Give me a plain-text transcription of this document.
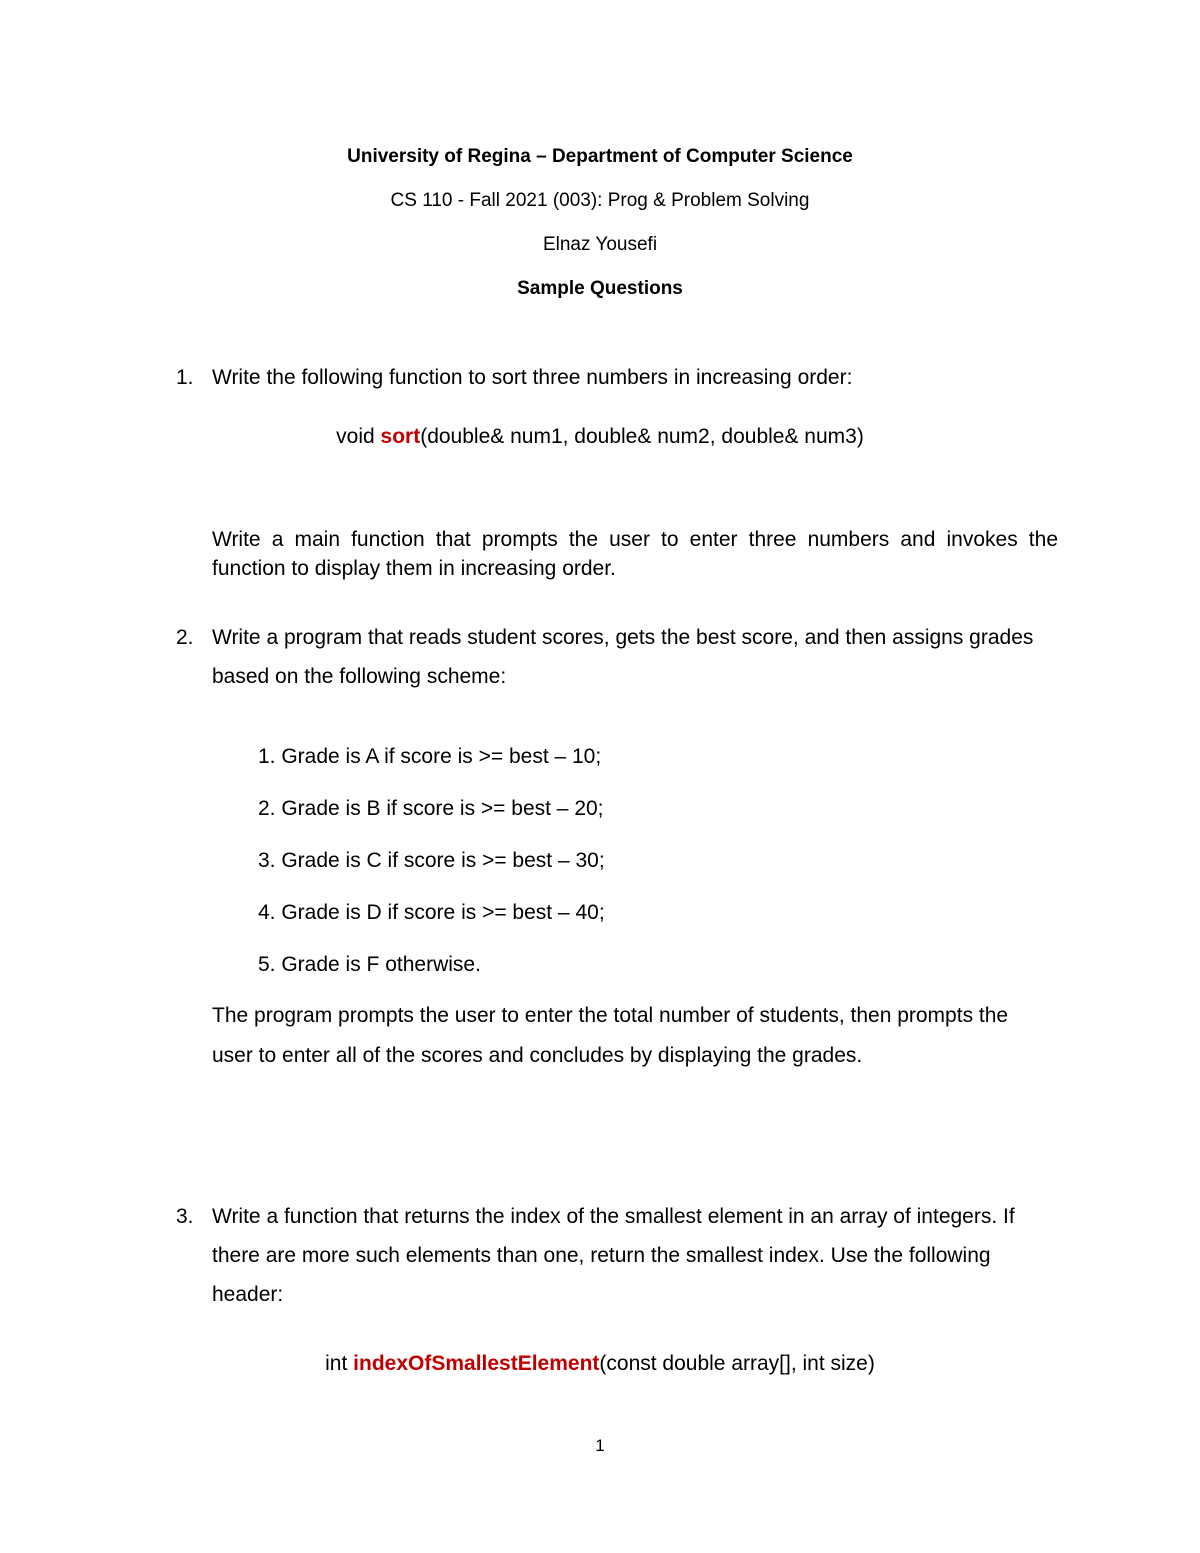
University of Regina – Department of Computer Science
CS 110 - Fall 2021 (003): Prog & Problem Solving
Elnaz Yousefi
Sample Questions
1. Write the following function to sort three numbers in increasing order:
void sort(double& num1, double& num2, double& num3)
Write a main function that prompts the user to enter three numbers and invokes the
function to display them in increasing order.
2. Write a program that reads student scores, gets the best score, and then assigns grades
based on the following scheme:
1. Grade is A if score is >= best – 10;
2. Grade is B if score is >= best – 20;
3. Grade is C if score is >= best – 30;
4. Grade is D if score is >= best – 40;
5. Grade is F otherwise.
The program prompts the user to enter the total number of students, then prompts the
user to enter all of the scores and concludes by displaying the grades.
3. Write a function that returns the index of the smallest element in an array of integers. If
there are more such elements than one, return the smallest index. Use the following
header:
int indexOfSmallestElement(const double array[], int size)
1
